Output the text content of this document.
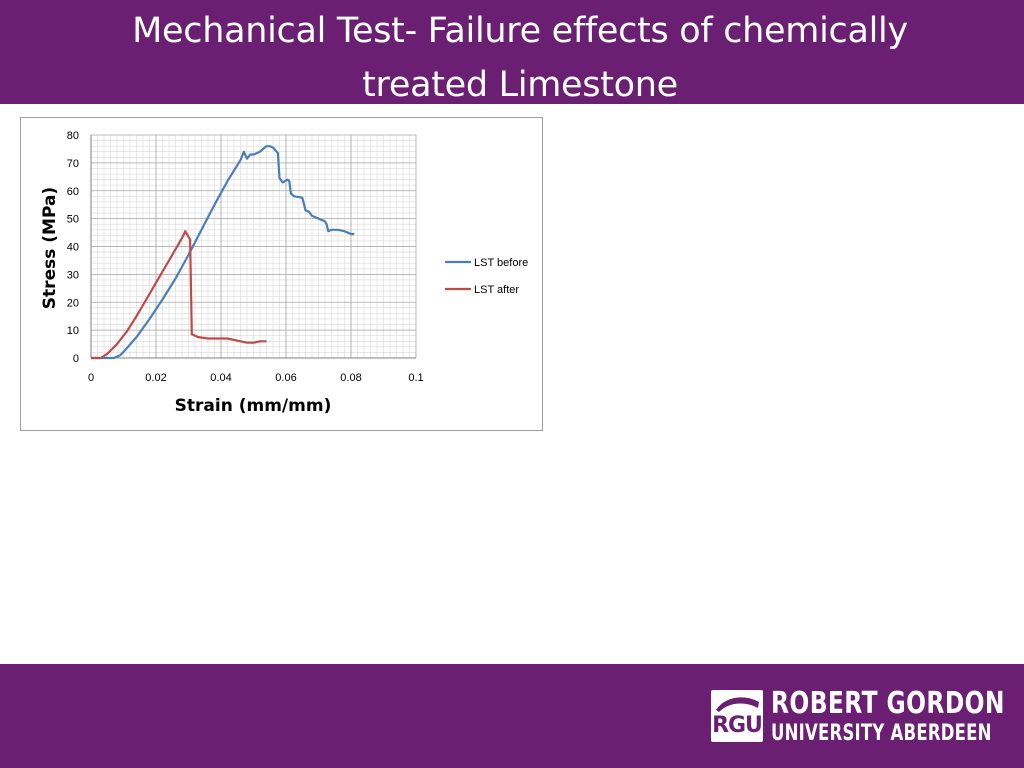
Mechanical Test- Failure effects of chemically treated Limestone
0
10
20
30
40
50
60
70
80
0	0.02	0.04	0.06	0.08	0.1
Strain (mm/mm)
Stress (MPa)	LST before
LST after
RGU
ROBERT GORDON
UNIVERSITY ABERDEEN
